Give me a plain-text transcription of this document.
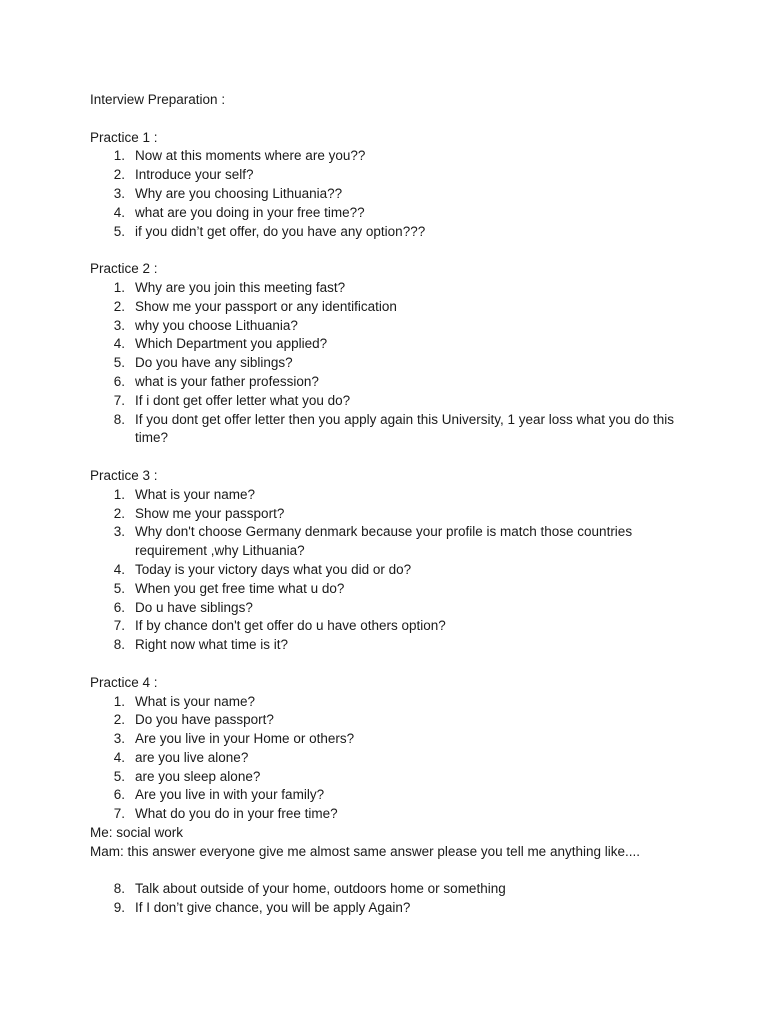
Interview Preparation :

Practice 1 :

1. Now at this moments where are you??
2. Introduce your self?
3. Why are you choosing Lithuania??
4. what are you doing in your free time??
5. if you didn’t get offer, do you have any option???

Practice 2 :

1. Why are you join this meeting fast?
2. Show me your passport or any identification
3. why you choose Lithuania?
4. Which Department you applied?
5. Do you have any siblings?
6. what is your father profession?
7. If i dont get offer letter what you do?
8. If you dont get offer letter then you apply again this University, 1 year loss what you do this time?

Practice 3 :

1. What is your name?
2. Show me your passport?
3. Why don't choose Germany denmark because your profile is match those countries requirement ,why Lithuania?
4. Today is your victory days what you did or do?
5. When you get free time what u do?
6. Do u have siblings?
7. If by chance don't get offer do u have others option?
8. Right now what time is it?

Practice 4 :

1. What is your name?
2. Do you have passport?
3. Are you live in your Home or others?
4. are you live alone?
5. are you sleep alone?
6. Are you live in with your family?
7. What do you do in your free time?

Me: social work

Mam: this answer everyone give me almost same answer please you tell me anything like....

8. Talk about outside of your home, outdoors home or something
9. If I don’t give chance, you will be apply Again?
